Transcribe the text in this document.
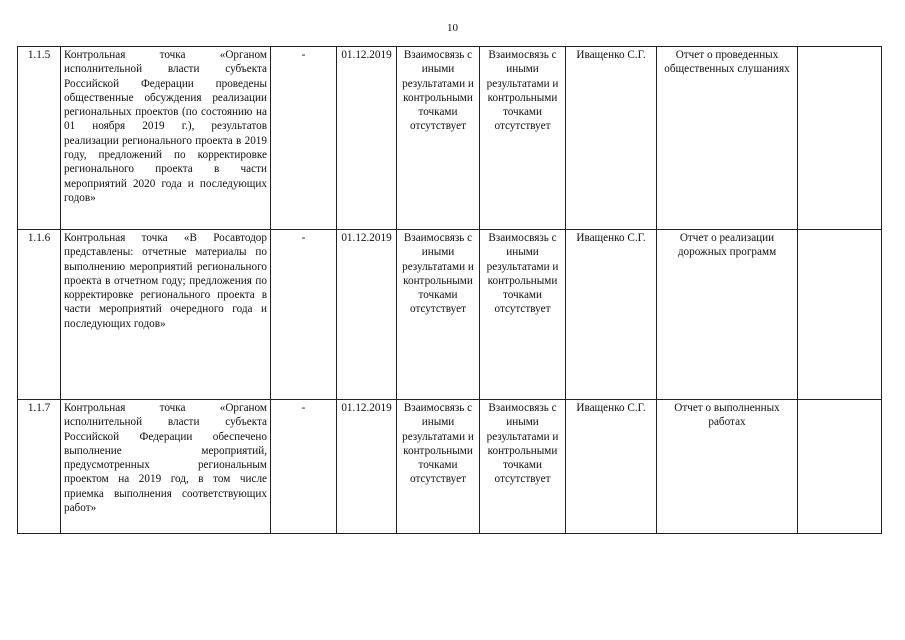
10
1.1.5	Контрольная точка «Органом исполнительной власти субъекта Российской Федерации проведены общественные обсуждения реализации региональных проектов (по состоянию на 01 ноября 2019 г.), результатов реализации регионального проекта в 2019 году, предложений по корректировке регионального проекта в части мероприятий 2020 года и последующих годов»	-	01.12.2019	Взаимосвязь с иными результатами и контрольными точками отсутствует	Взаимосвязь с иными результатами и контрольными точками отсутствует	Иващенко С.Г.	Отчет о проведенных общественных слушаниях	
1.1.6	Контрольная точка «В Росавтодор представлены: отчетные материалы по выполнению мероприятий регионального проекта в отчетном году; предложения по корректировке регионального проекта в части мероприятий очередного года и последующих годов»	-	01.12.2019	Взаимосвязь с иными результатами и контрольными точками отсутствует	Взаимосвязь с иными результатами и контрольными точками отсутствует	Иващенко С.Г.	Отчет о реализации дорожных программ	
1.1.7	Контрольная точка «Органом исполнительной власти субъекта Российской Федерации обеспечено выполнение мероприятий, предусмотренных региональным проектом на 2019 год, в том числе приемка выполнения соответствующих работ»	-	01.12.2019	Взаимосвязь с иными результатами и контрольными точками отсутствует	Взаимосвязь с иными результатами и контрольными точками отсутствует	Иващенко С.Г.	Отчет о выполненных работах	
